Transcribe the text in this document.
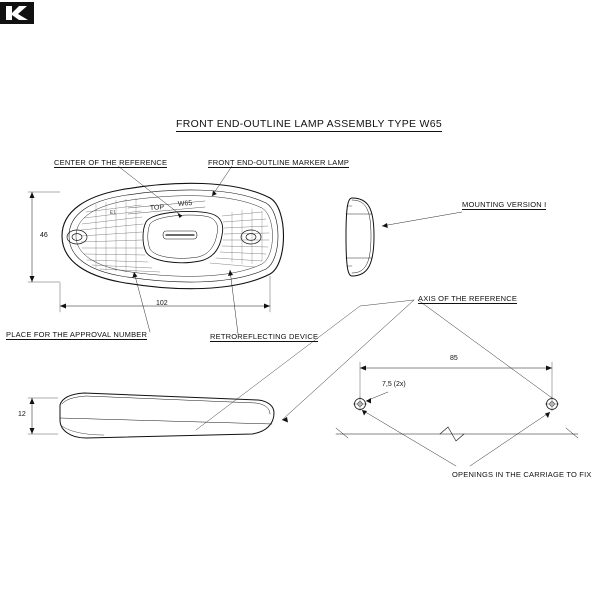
FRONT END-OUTLINE LAMP ASSEMBLY TYPE W65
TOP
W65
E1
CENTER OF THE REFERENCE	FRONT END-OUTLINE MARKER LAMP
MOUNTING VERSION I
AXIS OF THE REFERENCE
PLACE FOR THE APPROVAL NUMBER	RETROREFLECTING DEVICE
OPENINGS IN THE CARRIAGE TO FIX
46
102
12
85
7,5 (2x)
